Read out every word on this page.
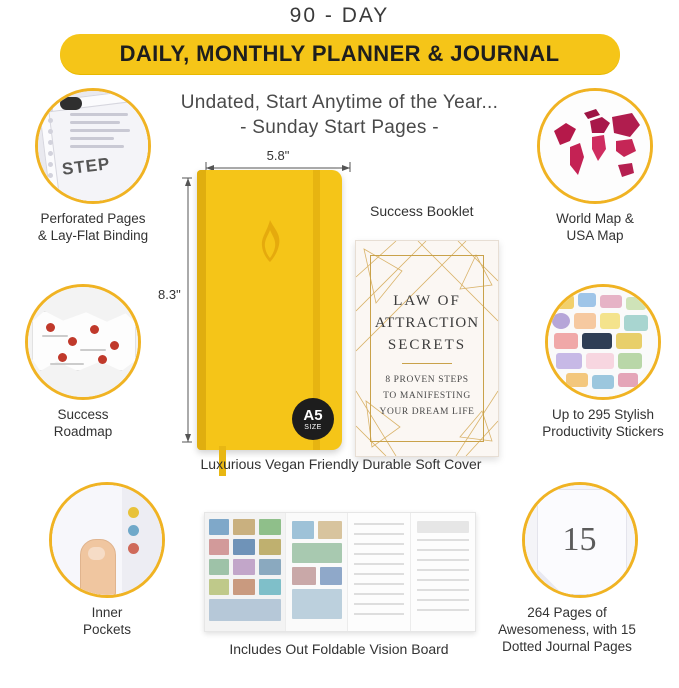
90 - DAY
DAILY, MONTHLY PLANNER & JOURNAL
Undated, Start Anytime of the Year...
- Sunday Start Pages -
STEP
Perforated Pages
& Lay-Flat Binding
Success
Roadmap
Inner
Pockets
World Map &
USA Map
Up to 295 Stylish
Productivity Stickers
15
264 Pages of
Awesomeness, with 15
Dotted Journal Pages
5.8"
8.3"
A5
SIZE
Success Booklet
LAW OF
ATTRACTION
SECRETS
8 PROVEN STEPS
TO MANIFESTING
YOUR DREAM LIFE
Luxurious Vegan Friendly Durable Soft Cover
Includes Out Foldable Vision Board
